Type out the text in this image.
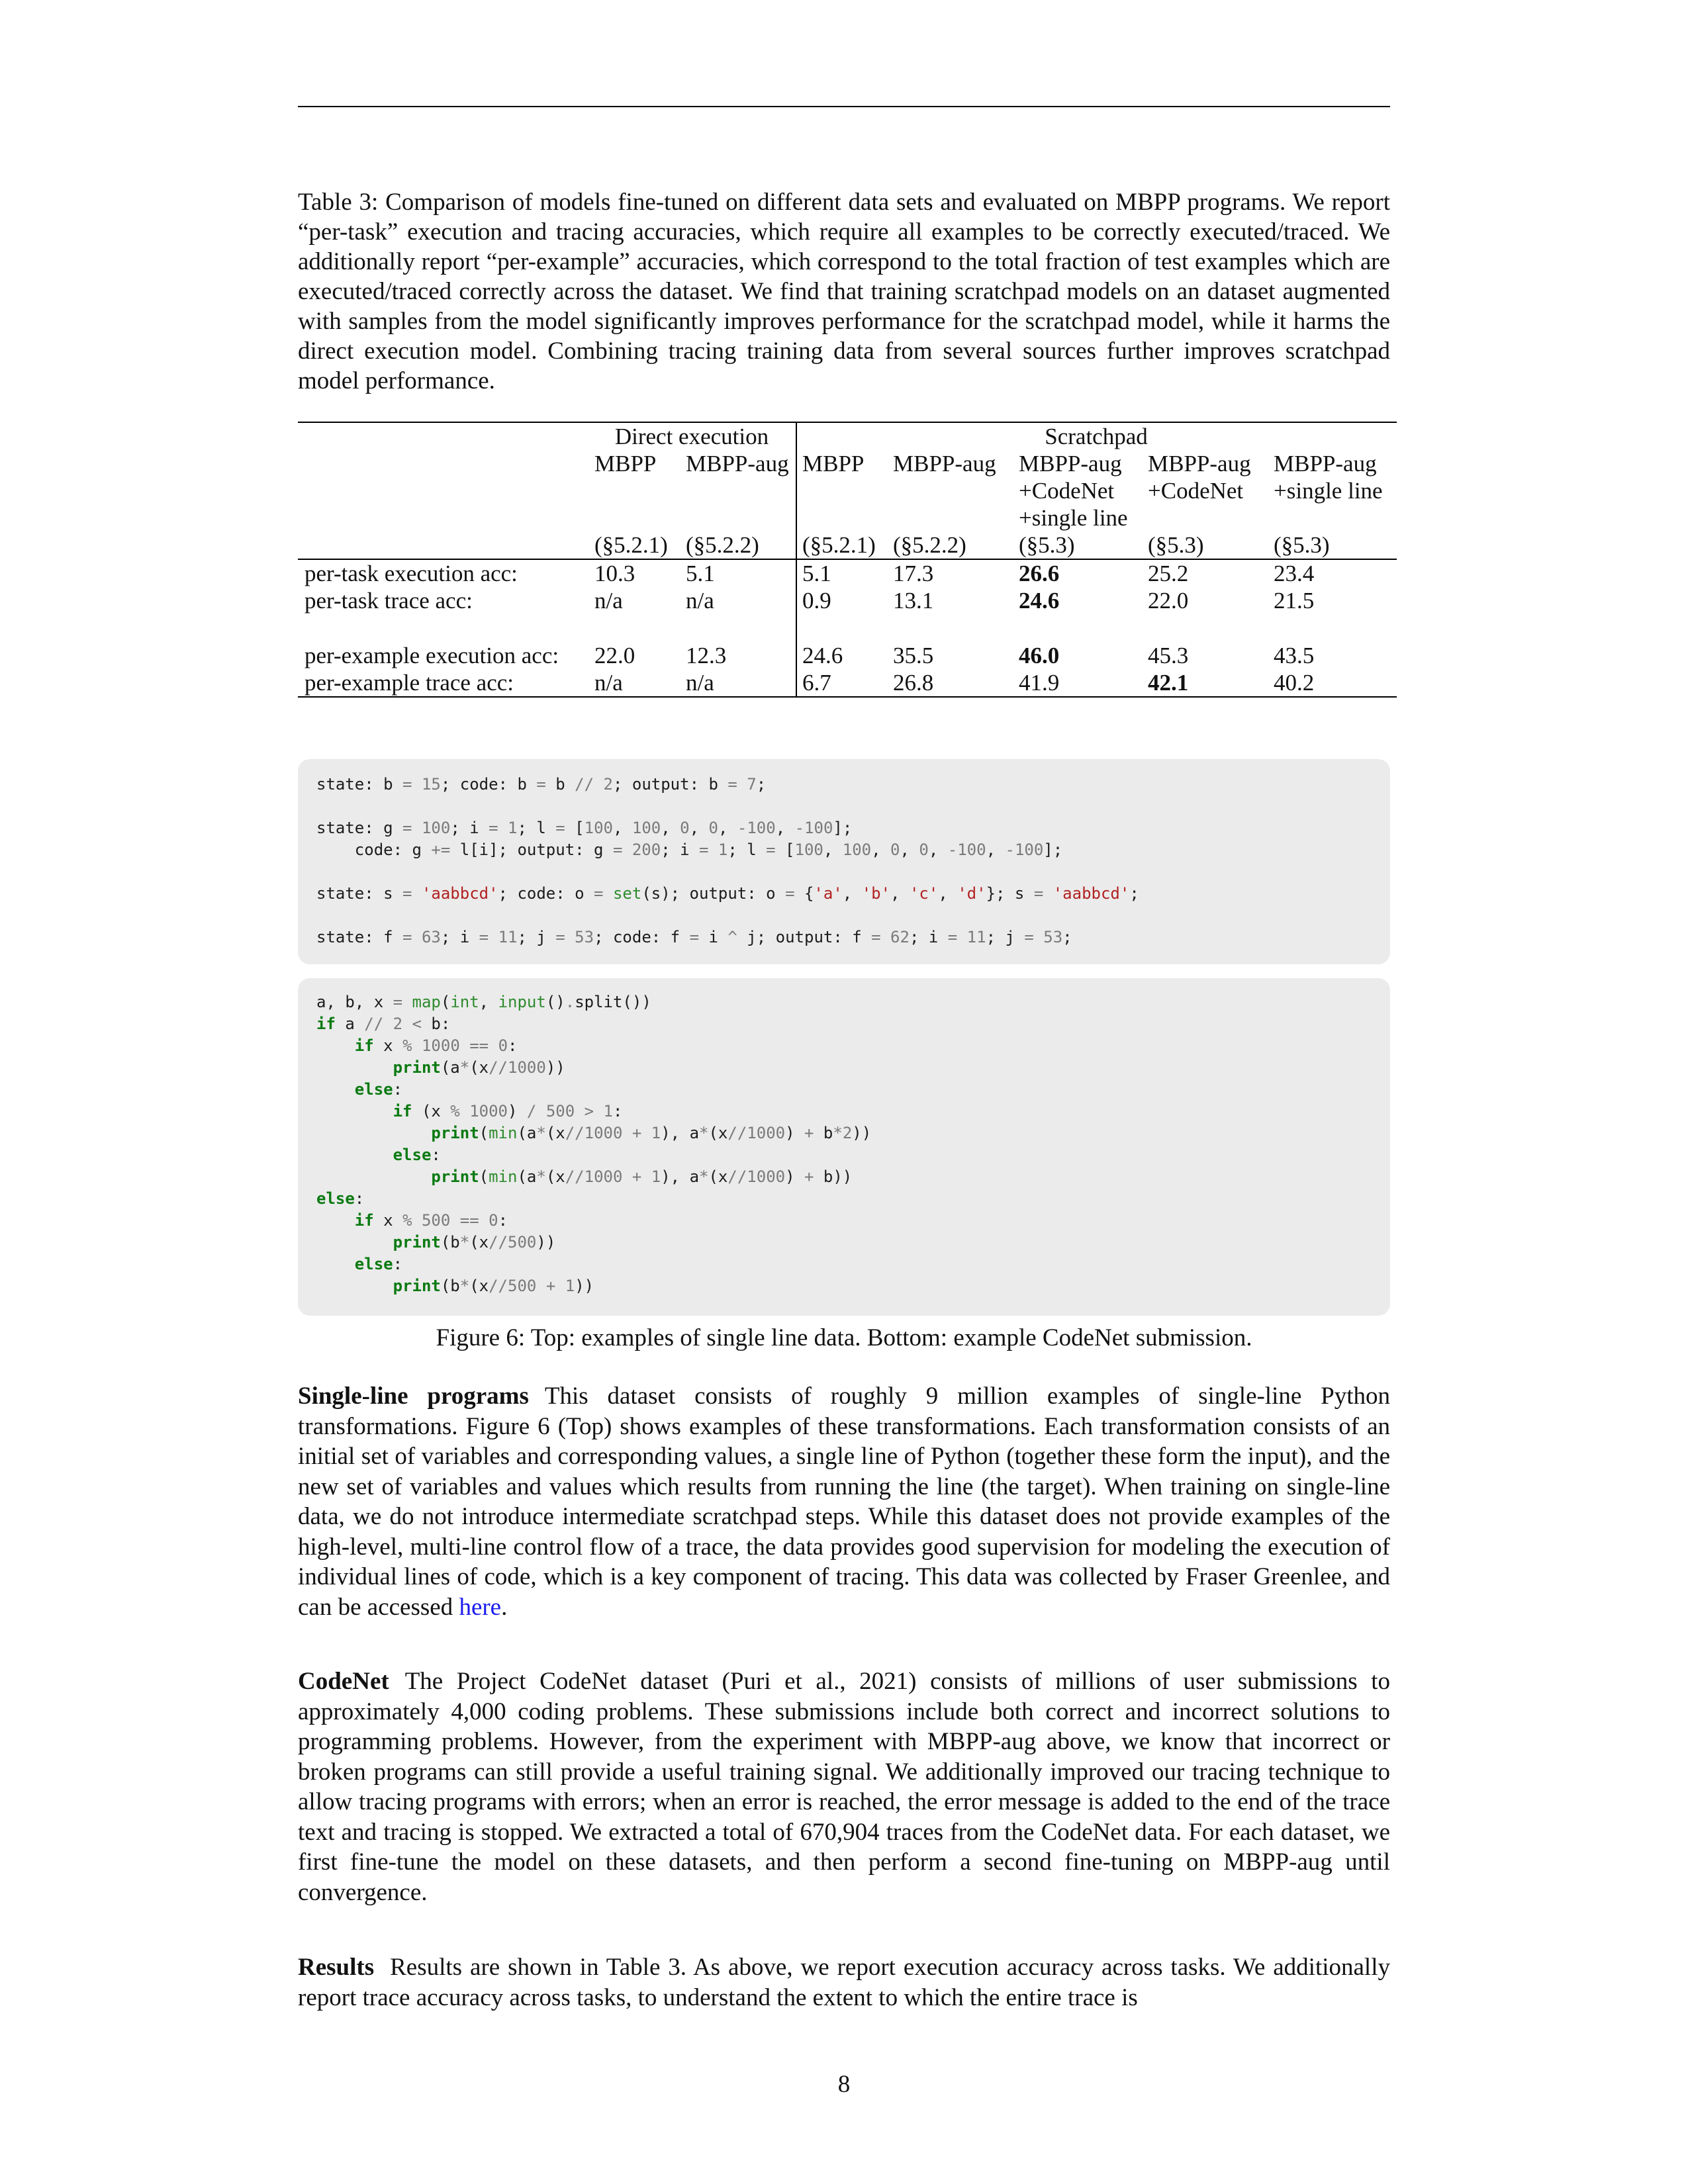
Table 3: Comparison of models fine-tuned on different data sets and evaluated on MBPP programs. We report “per-task” execution and tracing accuracies, which require all examples to be correctly executed/traced. We additionally report “per-example” accuracies, which correspond to the total fraction of test examples which are executed/traced correctly across the dataset. We find that training scratchpad models on an dataset augmented with samples from the model significantly improves performance for the scratchpad model, while it harms the direct execution model. Combining tracing training data from several sources further improves scratchpad model performance.
	Direct execution		Scratchpad				
	MBPP	MBPP-aug	MBPP	MBPP-aug	MBPP-aug	MBPP-aug	MBPP-aug
					+CodeNet	+CodeNet	+single line
					+single line		
	(§5.2.1)	(§5.2.2)	(§5.2.1)	(§5.2.2)	(§5.3)	(§5.3)	(§5.3)
per-task execution acc:	10.3	5.1	5.1	17.3	26.6	25.2	23.4
per-task trace acc:	n/a	n/a	0.9	13.1	24.6	22.0	21.5

per-example execution acc:	22.0	12.3	24.6	35.5	46.0	45.3	43.5
per-example trace acc:	n/a	n/a	6.7	26.8	41.9	42.1	40.2
state: b = 15; code: b = b // 2; output: b = 7;
state: g = 100; i = 1; l = [100, 100, 0, 0, -100, -100];
code: g += l[i]; output: g = 200; i = 1; l = [100, 100, 0, 0, -100, -100];
state: s = 'aabbcd'; code: o = set(s); output: o = {'a', 'b', 'c', 'd'}; s = 'aabbcd';
state: f = 63; i = 11; j = 53; code: f = i ^ j; output: f = 62; i = 11; j = 53;
a, b, x = map(int, input().split())
if a // 2 < b:
if x % 1000 == 0:
print(a*(x//1000))
else:
if (x % 1000) / 500 > 1:
print(min(a*(x//1000 + 1), a*(x//1000) + b*2))
else:
print(min(a*(x//1000 + 1), a*(x//1000) + b))
else:
if x % 500 == 0:
print(b*(x//500))
else:
print(b*(x//500 + 1))
Figure 6: Top: examples of single line data. Bottom: example CodeNet submission.
Single-line programs This dataset consists of roughly 9 million examples of single-line Python transformations. Figure 6 (Top) shows examples of these transformations. Each transformation consists of an initial set of variables and corresponding values, a single line of Python (together these form the input), and the new set of variables and values which results from running the line (the target). When training on single-line data, we do not introduce intermediate scratchpad steps. While this dataset does not provide examples of the high-level, multi-line control flow of a trace, the data provides good supervision for modeling the execution of individual lines of code, which is a key component of tracing. This data was collected by Fraser Greenlee, and can be accessed here.
CodeNet The Project CodeNet dataset (Puri et al., 2021) consists of millions of user submissions to approximately 4,000 coding problems. These submissions include both correct and incorrect solutions to programming problems. However, from the experiment with MBPP-aug above, we know that incorrect or broken programs can still provide a useful training signal. We additionally improved our tracing technique to allow tracing programs with errors; when an error is reached, the error message is added to the end of the trace text and tracing is stopped. We extracted a total of 670,904 traces from the CodeNet data. For each dataset, we first fine-tune the model on these datasets, and then perform a second fine-tuning on MBPP-aug until convergence.
Results Results are shown in Table 3. As above, we report execution accuracy across tasks. We additionally report trace accuracy across tasks, to understand the extent to which the entire trace is
8
